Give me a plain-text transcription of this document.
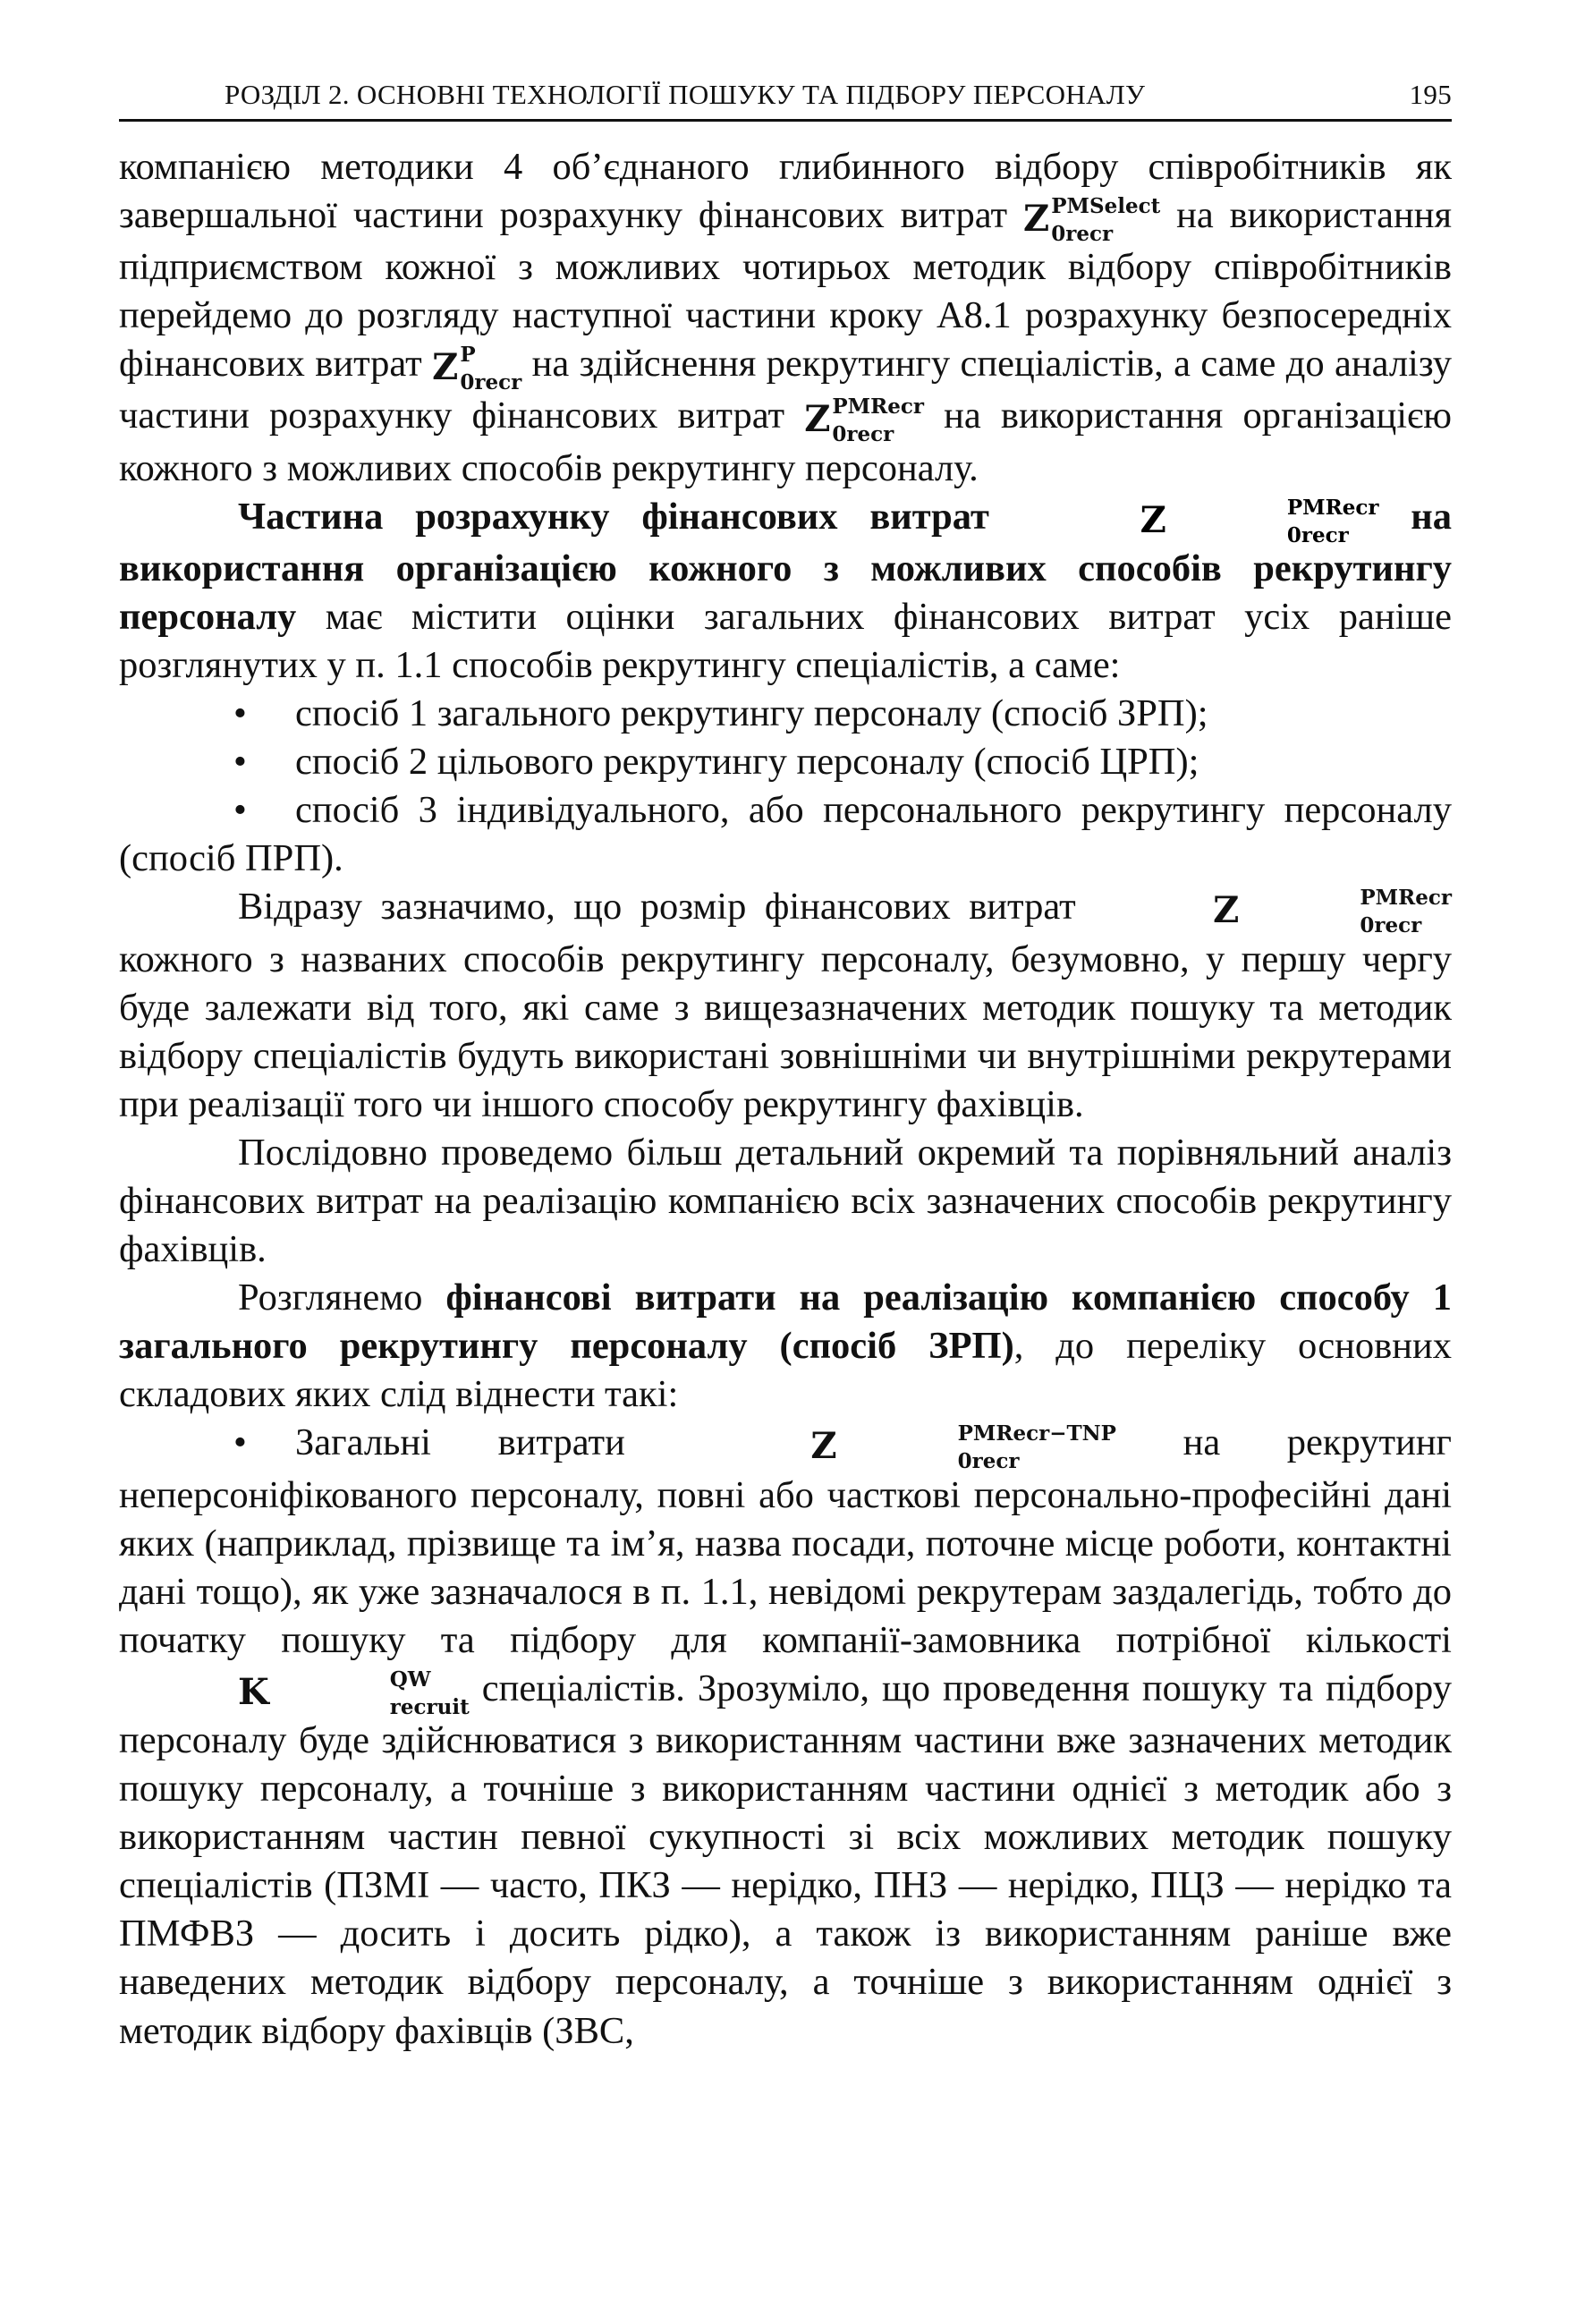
РОЗДІЛ 2. ОСНОВНІ ТЕХНОЛОГІЇ ПОШУКУ ТА ПІДБОРУ ПЕРСОНАЛУ	195

компанією методики 4 об’єднаного глибинного відбору співробітників як завершальної частини розрахунку фінансових витрат Z PMSelect
0recr	на використання підприємством кожної з можливих чотирьох методик відбору співробітників перейдемо до розгляду наступної частини кроку А8.1 розрахунку безпосередніх фінансових витрат Z P
0recr на здійснення рекрутингу спеціалістів, а саме до аналізу частини розрахунку фінансових витрат Z PMRecr
0recr на використання організацією кожного з можливих способів рекрутингу персоналу.

Частина розрахунку фінансових витрат	Z	PMRecr
0recr на використання організацією кожного з можливих способів рекрутингу персоналу має містити оцінки загальних фінансових витрат усіх раніше розглянутих у п. 1.1 способів рекрутингу спеціалістів, а саме:

• спосіб 1 загального рекрутингу персоналу (спосіб ЗРП);

• спосіб 2 цільового рекрутингу персоналу (спосіб ЦРП);

• спосіб 3 індивідуального, або персонального рекрутингу персоналу (спосіб ПРП).

Відразу зазначимо, що розмір фінансових витрат	Z	PMRecr
0recr
кожного з названих способів рекрутингу персоналу, безумовно, у першу чергу буде залежати від того, які саме з вищезазначених методик пошуку та методик відбору спеціалістів будуть використані зовнішніми чи внутрішніми рекрутерами при реалізації того чи іншого способу рекрутингу фахівців.

Послідовно проведемо більш детальний окремий та порівняльний аналіз фінансових витрат на реалізацію компанією всіх зазначених способів рекрутингу фахівців.

Розглянемо фінансові витрати на реалізацію компанією способу 1 загального рекрутингу персоналу (спосіб ЗРП), до переліку основних складових яких слід віднести такі:

• Загальні витрати	Z	PMRecr−TNP
0recr	на рекрутинг неперсоніфікованого персоналу, повні або часткові персонально-професійні дані яких (наприклад, прізвище та ім’я, назва посади, поточне місце роботи, контактні дані тощо), як уже зазначалося в п. 1.1, невідомі рекрутерам заздалегідь, тобто до початку пошуку та підбору для компанії-замовника потрібної кількості K	QW
recruit спеціалістів. Зрозуміло, що проведення пошуку та підбору персоналу буде здійснюватися з використанням частини вже зазначених методик пошуку персоналу, а точніше з використанням частини однієї з методик або з використанням частин певної сукупності зі всіх можливих методик пошуку спеціалістів (ПЗМІ — часто, ПКЗ — нерідко, ПНЗ — нерідко, ПЦЗ — нерідко та ПМФВЗ — досить і досить рідко), а також із використанням раніше вже наведених методик відбору персоналу, а точніше з використанням однієї з методик відбору фахівців (ЗВС,
